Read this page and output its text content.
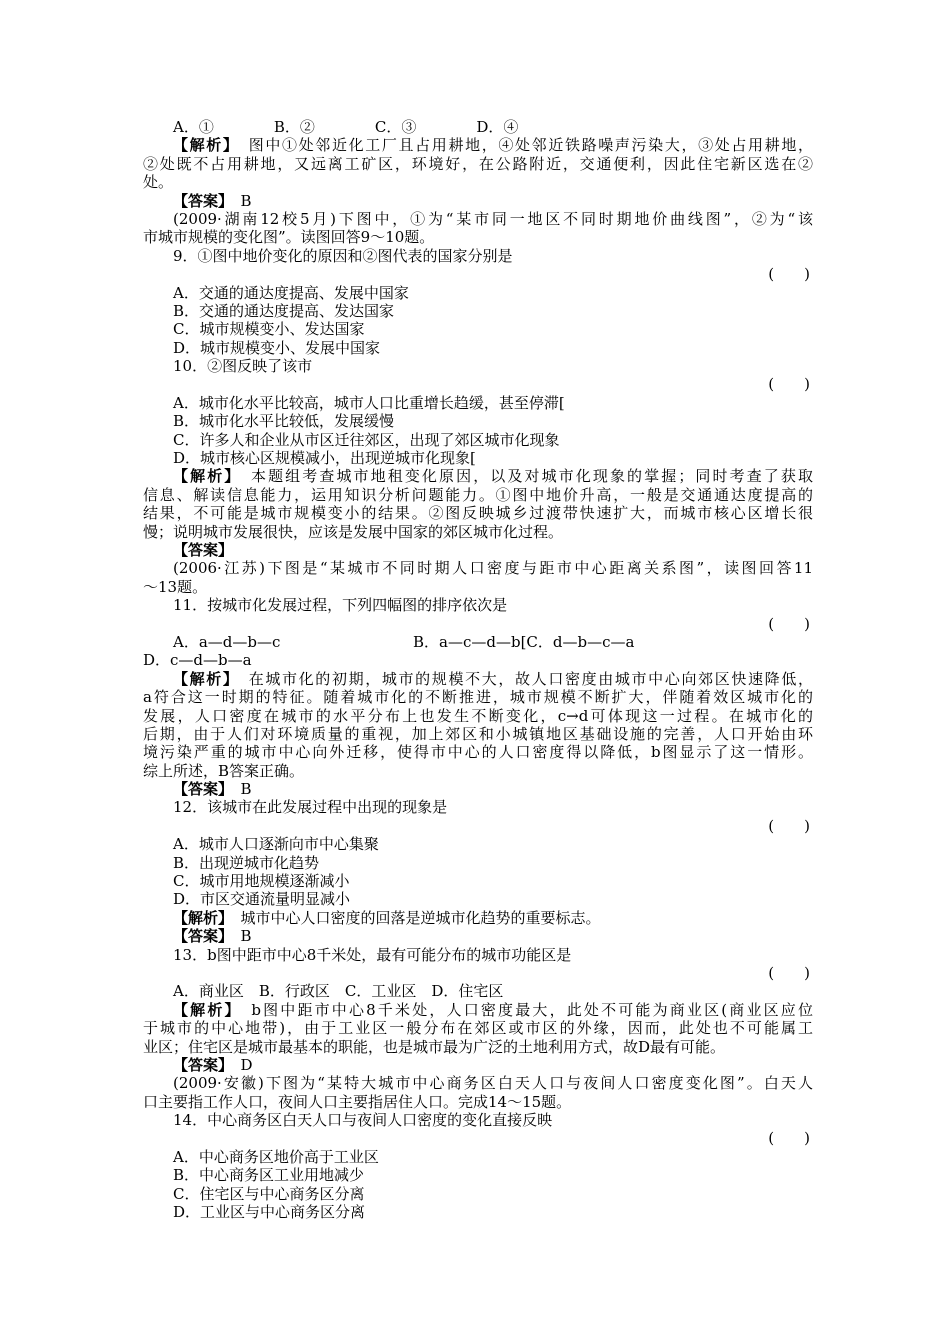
A．①　　　　B．②　　　　C．③　　　　D．④
【解析】　图中①处邻近化工厂且占用耕地，④处邻近铁路噪声污染大，③处占用耕地，
②处既不占用耕地，又远离工矿区，环境好，在公路附近，交通便利，因此住宅新区选在②
处。
【答案】　B
(2009·湖南12校5月)下图中，①为“某市同一地区不同时期地价曲线图”，②为“该
市城市规模的变化图”。读图回答9～10题。
9．①图中地价变化的原因和②图代表的国家分别是
(　　)
A．交通的通达度提高、发展中国家
B．交通的通达度提高、发达国家
C．城市规模变小、发达国家
D．城市规模变小、发展中国家
10．②图反映了该市
(　　)
A．城市化水平比较高，城市人口比重增长趋缓，甚至停滞[
B．城市化水平比较低，发展缓慢
C．许多人和企业从市区迁往郊区，出现了郊区城市化现象
D．城市核心区规模减小，出现逆城市化现象[
【解析】　本题组考查城市地租变化原因，以及对城市化现象的掌握；同时考查了获取
信息、解读信息能力，运用知识分析问题能力。①图中地价升高，一般是交通通达度提高的
结果，不可能是城市规模变小的结果。②图反映城乡过渡带快速扩大，而城市核心区增长很
慢；说明城市发展很快，应该是发展中国家的郊区城市化过程。
【答案】
(2006·江苏)下图是“某城市不同时期人口密度与距市中心距离关系图”，读图回答11
～13题。
11．按城市化发展过程，下列四幅图的排序依次是
(　　)
A．a—d—b—c	B．a—c—d—b[C．d—b—c—a
D．c—d—b—a
【解析】　在城市化的初期，城市的规模不大，故人口密度由城市中心向郊区快速降低，
a符合这一时期的特征。随着城市化的不断推进，城市规模不断扩大，伴随着效区城市化的
发展，人口密度在城市的水平分布上也发生不断变化，c→d可体现这一过程。在城市化的
后期，由于人们对环境质量的重视，加上郊区和小城镇地区基础设施的完善，人口开始由环
境污染严重的城市中心向外迁移，使得市中心的人口密度得以降低，b图显示了这一情形。
综上所述，B答案正确。
【答案】　B
12．该城市在此发展过程中出现的现象是
(　　)
A．城市人口逐渐向市中心集聚
B．出现逆城市化趋势
C．城市用地规模逐渐减小
D．市区交通流量明显减小
【解析】　城市中心人口密度的回落是逆城市化趋势的重要标志。
【答案】　B
13．b图中距市中心8千米处，最有可能分布的城市功能区是
(　　)
A．商业区　B．行政区　C．工业区　D．住宅区
【解析】　b图中距市中心8千米处，人口密度最大，此处不可能为商业区(商业区应位
于城市的中心地带)，由于工业区一般分布在郊区或市区的外缘，因而，此处也不可能属工
业区；住宅区是城市最基本的职能，也是城市最为广泛的土地利用方式，故D最有可能。
【答案】　D
(2009·安徽)下图为“某特大城市中心商务区白天人口与夜间人口密度变化图”。白天人
口主要指工作人口，夜间人口主要指居住人口。完成14～15题。
14．中心商务区白天人口与夜间人口密度的变化直接反映
(　　)
A．中心商务区地价高于工业区
B．中心商务区工业用地减少
C．住宅区与中心商务区分离
D．工业区与中心商务区分离
